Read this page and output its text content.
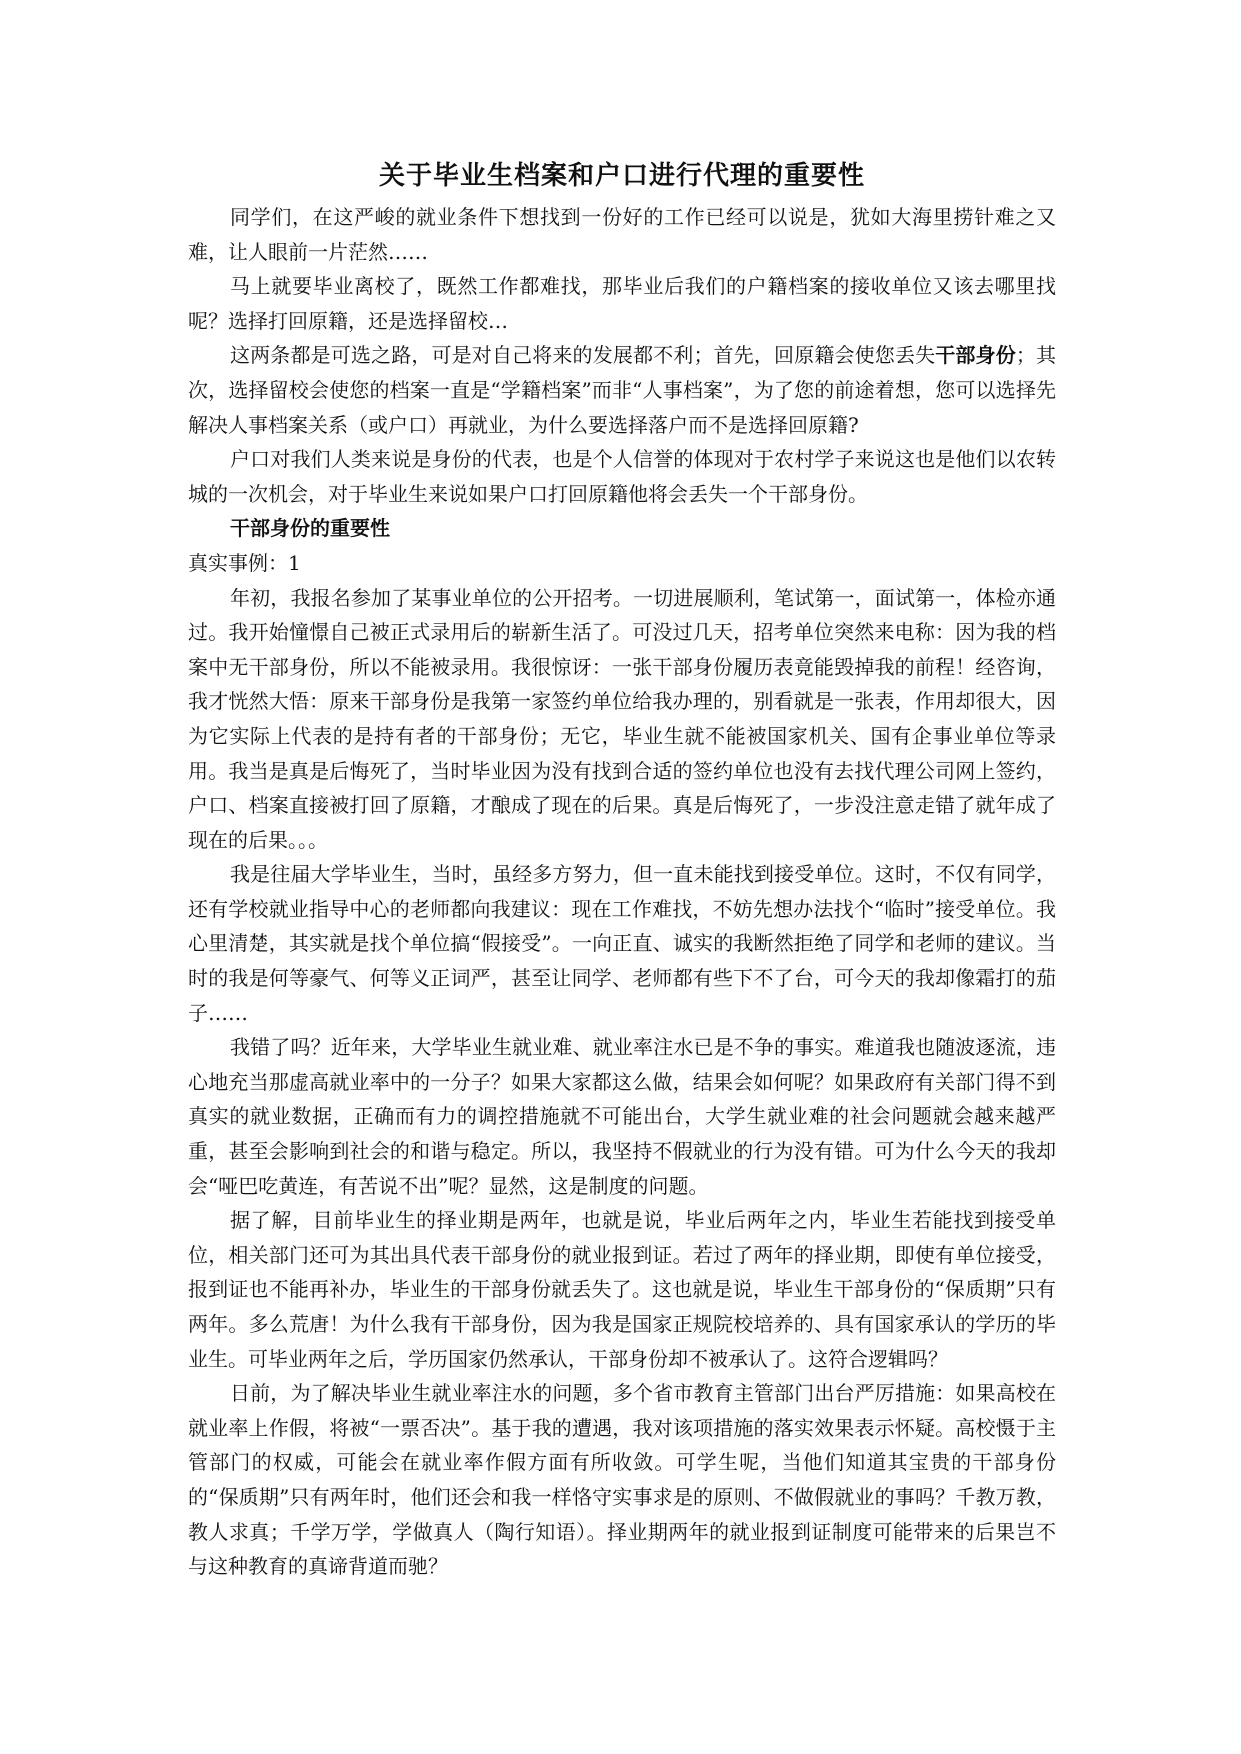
关于毕业生档案和户口进行代理的重要性

同学们，在这严峻的就业条件下想找到一份好的工作已经可以说是，犹如大海里捞针难之又难，让人眼前一片茫然……

马上就要毕业离校了，既然工作都难找，那毕业后我们的户籍档案的接收单位又该去哪里找呢？选择打回原籍，还是选择留校…

这两条都是可选之路，可是对自己将来的发展都不利；首先，回原籍会使您丢失干部身份；其次，选择留校会使您的档案一直是“学籍档案”而非“人事档案”，为了您的前途着想，您可以选择先解决人事档案关系（或户口）再就业，为什么要选择落户而不是选择回原籍?

户口对我们人类来说是身份的代表，也是个人信誉的体现对于农村学子来说这也是他们以农转城的一次机会，对于毕业生来说如果户口打回原籍他将会丢失一个干部身份。

干部身份的重要性

真实事例：1

年初，我报名参加了某事业单位的公开招考。一切进展顺利，笔试第一，面试第一，体检亦通过。我开始憧憬自己被正式录用后的崭新生活了。可没过几天，招考单位突然来电称：因为我的档案中无干部身份，所以不能被录用。我很惊讶：一张干部身份履历表竟能毁掉我的前程！经咨询，我才恍然大悟：原来干部身份是我第一家签约单位给我办理的，别看就是一张表，作用却很大，因为它实际上代表的是持有者的干部身份；无它，毕业生就不能被国家机关、国有企事业单位等录用。我当是真是后悔死了，当时毕业因为没有找到合适的签约单位也没有去找代理公司网上签约，户口、档案直接被打回了原籍，才酿成了现在的后果。真是后悔死了，一步没注意走错了就年成了现在的后果。。。

我是往届大学毕业生，当时，虽经多方努力，但一直未能找到接受单位。这时，不仅有同学，还有学校就业指导中心的老师都向我建议：现在工作难找，不妨先想办法找个“临时”接受单位。我心里清楚，其实就是找个单位搞“假接受”。一向正直、诚实的我断然拒绝了同学和老师的建议。当时的我是何等豪气、何等义正词严，甚至让同学、老师都有些下不了台，可今天的我却像霜打的茄子……

我错了吗？近年来，大学毕业生就业难、就业率注水已是不争的事实。难道我也随波逐流，违心地充当那虚高就业率中的一分子？如果大家都这么做，结果会如何呢？如果政府有关部门得不到真实的就业数据，正确而有力的调控措施就不可能出台，大学生就业难的社会问题就会越来越严重，甚至会影响到社会的和谐与稳定。所以，我坚持不假就业的行为没有错。可为什么今天的我却会“哑巴吃黄连，有苦说不出”呢？显然，这是制度的问题。

据了解，目前毕业生的择业期是两年，也就是说，毕业后两年之内，毕业生若能找到接受单位，相关部门还可为其出具代表干部身份的就业报到证。若过了两年的择业期，即使有单位接受，报到证也不能再补办，毕业生的干部身份就丢失了。这也就是说，毕业生干部身份的“保质期”只有两年。多么荒唐！为什么我有干部身份，因为我是国家正规院校培养的、具有国家承认的学历的毕业生。可毕业两年之后，学历国家仍然承认，干部身份却不被承认了。这符合逻辑吗？

日前，为了解决毕业生就业率注水的问题，多个省市教育主管部门出台严厉措施：如果高校在就业率上作假，将被“一票否决”。基于我的遭遇，我对该项措施的落实效果表示怀疑。高校慑于主管部门的权威，可能会在就业率作假方面有所收敛。可学生呢，当他们知道其宝贵的干部身份的“保质期”只有两年时，他们还会和我一样恪守实事求是的原则、不做假就业的事吗？千教万教，教人求真；千学万学，学做真人（陶行知语）。择业期两年的就业报到证制度可能带来的后果岂不与这种教育的真谛背道而驰？
